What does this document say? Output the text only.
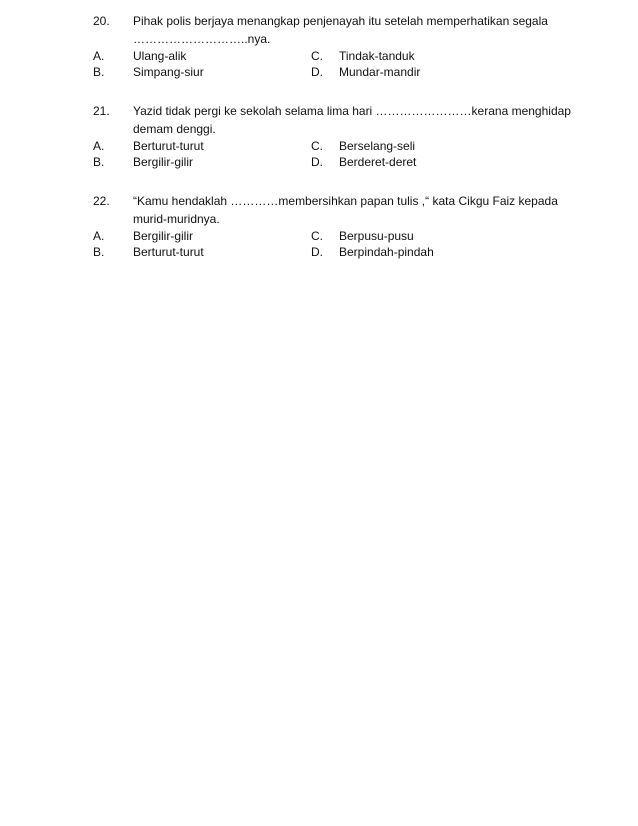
20. Pihak polis berjaya menangkap penjenayah itu setelah memperhatikan segala
………………………..nya.
A. Ulang-alik	C. Tindak-tanduk
B. Simpang-siur	D. Mundar-mandir
21. Yazid tidak pergi ke sekolah selama lima hari ……………………kerana menghidap
demam denggi.
A. Berturut-turut	C. Berselang-seli
B. Bergilir-gilir	D. Berderet-deret
22. “Kamu hendaklah …………membersihkan papan tulis ,“ kata Cikgu Faiz kepada
murid-muridnya.
A. Bergilir-gilir	C. Berpusu-pusu
B. Berturut-turut	D. Berpindah-pindah
